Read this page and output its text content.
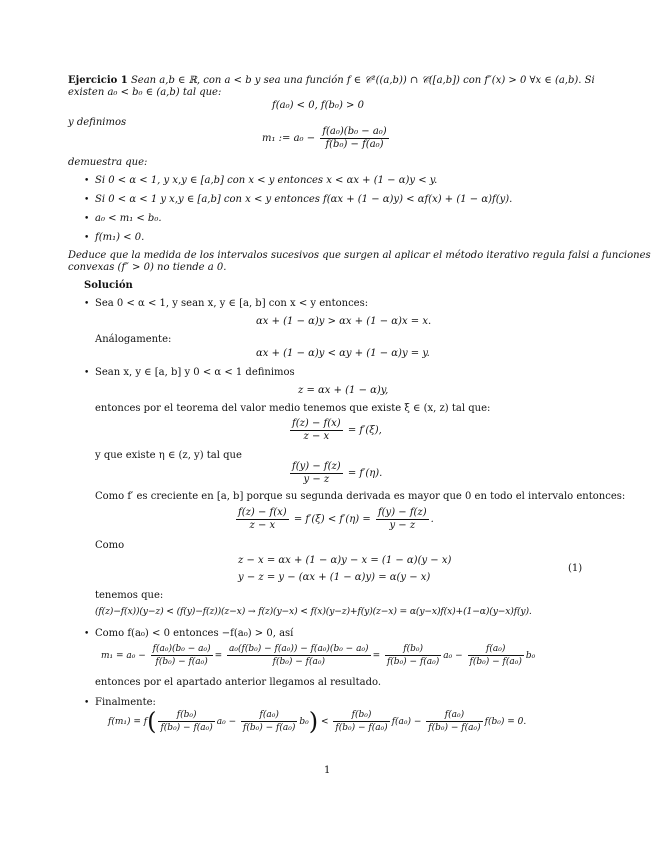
Ejercicio 1 Sean a,b ∈ ℝ, con a < b y sea una función f ∈ 𝒞²((a,b)) ∩ 𝒞([a,b]) con f″(x) > 0 ∀x ∈ (a,b). Si
existen a₀ < b₀ ∈ (a,b) tal que:
f(a₀) < 0, f(b₀) > 0
y definimos
m₁ := $a_0 - \frac{\text{f(a₀)(b₀ − a₀)}}{\text{f(b₀) − f(a₀)}}$
demuestra que:
• Si 0 < α < 1, y x,y ∈ [a,b] con x < y entonces x < αx + (1 − α)y < y.
• Si 0 < α < 1 y x,y ∈ [a,b] con x < y entonces f(αx + (1 − α)y) < αf(x) + (1 − α)f(y).
• a₀ < m₁ < b₀.
• f(m₁) < 0.
Deduce que la medida de los intervalos sucesivos que surgen al aplicar el método iterativo regula falsi a funciones
convexas (f″ > 0) no tiende a 0.
Solución
• Sea 0 < α < 1, y sean x, y ∈ [a, b] con x < y entonces:
αx + (1 − α)y > αx + (1 − α)x = x.
Análogamente:
αx + (1 − α)y < αy + (1 − α)y = y.
• Sean x, y ∈ [a, b] y 0 < α < 1 definimos
z = αx + (1 − α)y,
entonces por el teorema del valor medio tenemos que existe ξ ∈ (x, z) tal que:
$\frac{f(z) - f(x)}{z - x} = f'(\xi)$,
y que existe η ∈ (z, y) tal que
$\frac{f(y) - f(z)}{y - z} = f'(\eta)$.
Como f′ es creciente en [a, b] porque su segunda derivada es mayor que 0 en todo el intervalo entonces:
$\frac{f(z) - f(x)}{z - x} = f'(\xi) < f'(\eta) = \frac{f(y) - f(z)}{y - z}$ .
Como
z − x = αx + (1 − α)y − x = (1 − α)(y − x)
y − z = y − (αx + (1 − α)y) = α(y − x)
(1)
tenemos que:
(f(z)−f(x))(y−z) < (f(y)−f(z))(z−x) → f(z)(y−x) < f(x)(y−z)+f(y)(z−x) = α(y−x)f(x)+(1−α)(y−x)f(y).
• Como f(a₀) < 0 entonces −f(a₀) > 0, así
$m_1 = a_0 - \frac{\text{f(a₀)(b₀ − a₀)}}{\text{f(b₀) − f(a₀)}} = \frac{\text{a₀(f(b₀) − f(a₀)) − f(a₀)(b₀ − a₀)}}{\text{f(b₀) − f(a₀)}} = \frac{\text{f(b₀)}}{\text{f(b₀) − f(a₀)}} a_0 - \frac{\text{f(a₀)}}{\text{f(b₀) − f(a₀)}} b_0$
entonces por el apartado anterior llegamos al resultado.
• Finalmente:
$f(m_1) = f( \frac{\text{f(b₀)}}{\text{f(b₀) − f(a₀)}} a_0 - \frac{\text{f(a₀)}}{\text{f(b₀) − f(a₀)}} b_0) < \frac{\text{f(b₀)}}{\text{f(b₀) − f(a₀)}} f(a_0) - \frac{\text{f(a₀)}}{\text{f(b₀) − f(a₀)}} f(b_0) = 0$.
1
